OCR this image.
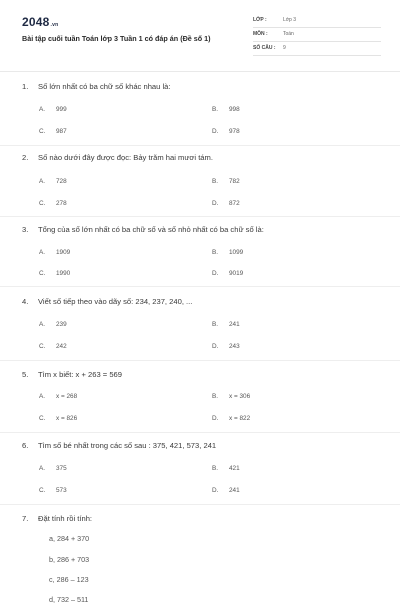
2048.vn
Bài tập cuối tuần Toán lớp 3 Tuần 1 có đáp án (Đề số 1)
LỚP :	Lớp 3
MÔN :	Toán
SỐ CÂU : 9
1. Số lớn nhất có ba chữ số khác nhau là:
A. 999	B. 998
C. 987	D. 978
2. Số nào dưới đây được đọc: Bảy trăm hai mươi tám.
A. 728	B. 782
C. 278	D. 872
3. Tổng của số lớn nhất có ba chữ số và số nhỏ nhất có ba chữ số là:
A. 1909	B. 1099
C. 1990	D. 9019
4. Viết số tiếp theo vào dãy số: 234, 237, 240, ...
A. 239	B. 241
C. 242	D. 243
5. Tìm x biết: x + 263 = 569
A. x = 268	B. x = 306
C. x = 826	D. x = 822
6. Tìm số bé nhất trong các số sau : 375, 421, 573, 241
A. 375	B. 421
C. 573	D. 241
7. Đặt tính rồi tính:
a, 284 + 370
b, 286 + 703
c, 286 – 123
d, 732 – 511
